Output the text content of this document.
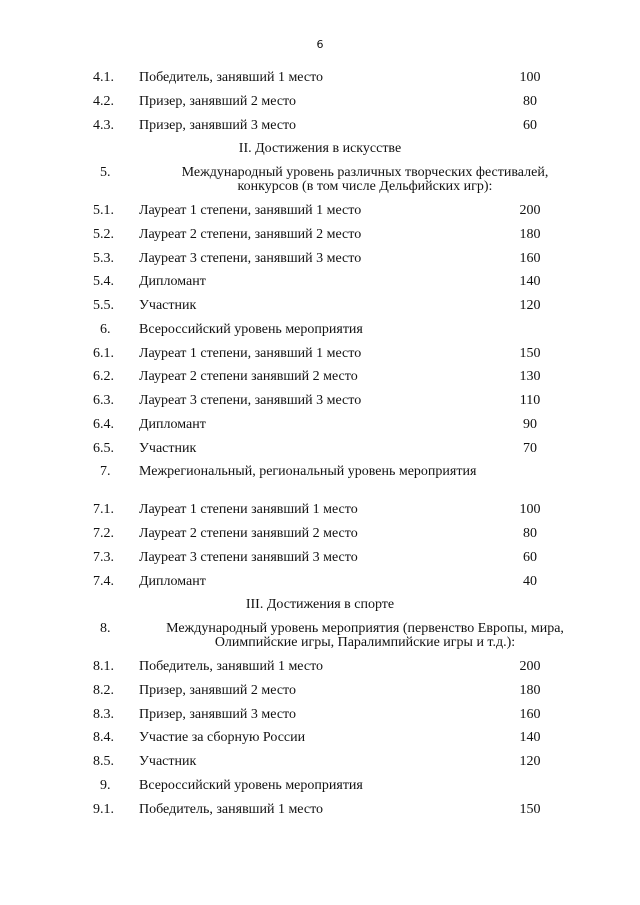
6
4.1.	Победитель, занявший 1 место	100
4.2.	Призер, занявший 2 место	80
4.3.	Призер, занявший 3 место	60
II. Достижения в искусстве
5.	Международный уровень различных творческих фестивалей, конкурсов (в том числе Дельфийских игр):
5.1.	Лауреат 1 степени, занявший 1 место	200
5.2.	Лауреат 2 степени, занявший 2 место	180
5.3.	Лауреат 3 степени, занявший 3 место	160
5.4.	Дипломант	140
5.5.	Участник	120
6.	Всероссийский уровень мероприятия
6.1.	Лауреат 1 степени, занявший 1 место	150
6.2.	Лауреат 2 степени занявший 2 место	130
6.3.	Лауреат 3 степени, занявший 3 место	110
6.4.	Дипломант	90
6.5.	Участник	70
7.	Межрегиональный, региональный уровень мероприятия
7.1.	Лауреат 1 степени занявший 1 место	100
7.2.	Лауреат 2 степени занявший 2 место	80
7.3.	Лауреат 3 степени занявший 3 место	60
7.4.	Дипломант	40
III. Достижения в спорте
8.	Международный уровень мероприятия (первенство Европы, мира, Олимпийские игры, Паралимпийские игры и т.д.):
8.1.	Победитель, занявший 1 место	200
8.2.	Призер, занявший 2 место	180
8.3.	Призер, занявший 3 место	160
8.4.	Участие за сборную России	140
8.5.	Участник	120
9.	Всероссийский уровень мероприятия
9.1.	Победитель, занявший 1 место	150
